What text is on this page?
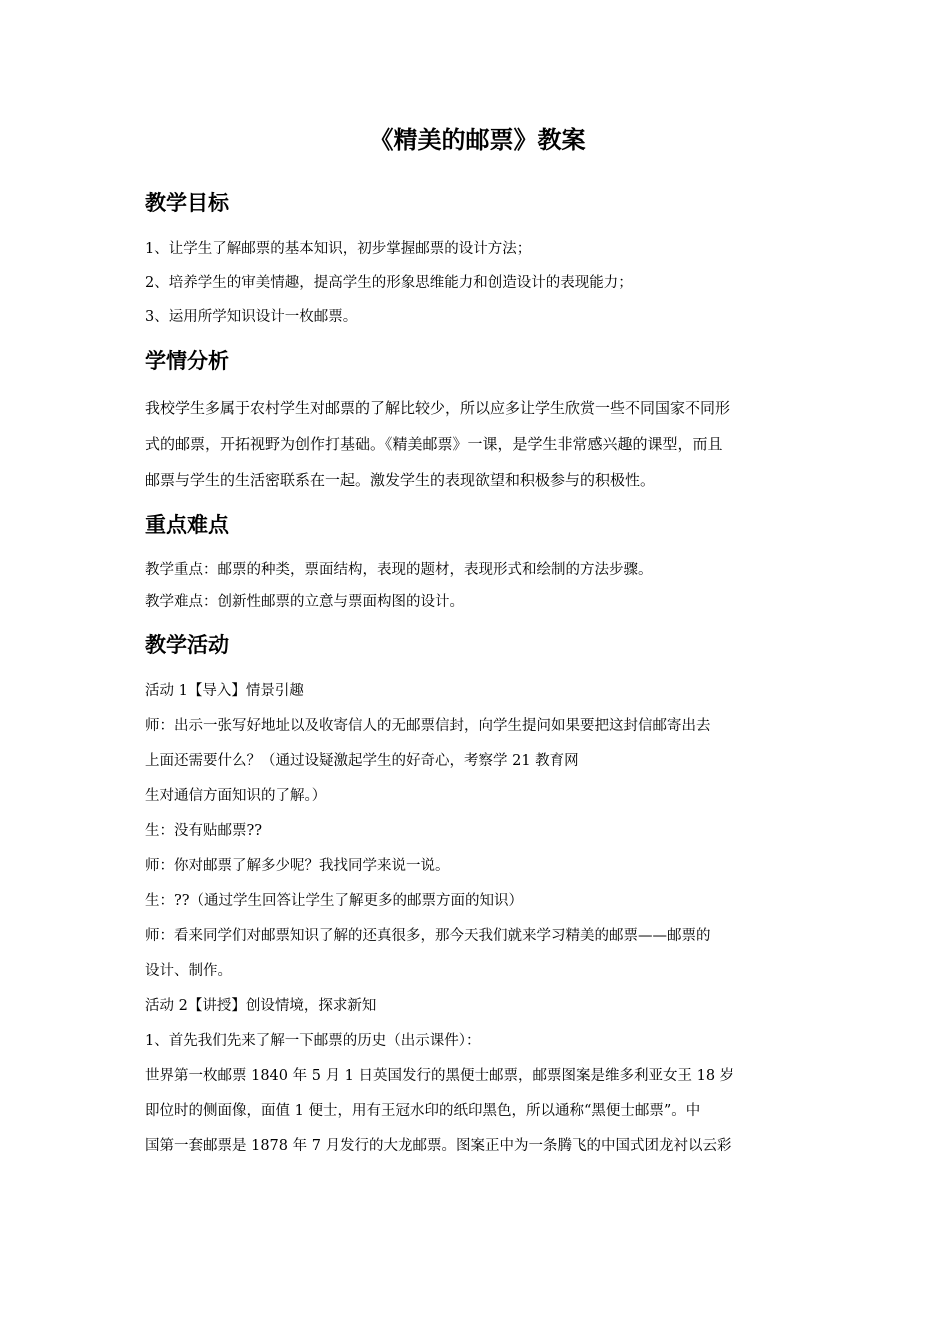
《精美的邮票》教案
教学目标

1、让学生了解邮票的基本知识，初步掌握邮票的设计方法；

2、培养学生的审美情趣，提高学生的形象思维能力和创造设计的表现能力；

3、运用所学知识设计一枚邮票。

学情分析

我校学生多属于农村学生对邮票的了解比较少，所以应多让学生欣赏一些不同国家不同形

式的邮票，开拓视野为创作打基础。《精美邮票》一课，是学生非常感兴趣的课型，而且

邮票与学生的生活密联系在一起。激发学生的表现欲望和积极参与的积极性。

重点难点

教学重点：邮票的种类，票面结构，表现的题材，表现形式和绘制的方法步骤。

教学难点：创新性邮票的立意与票面构图的设计。

教学活动

活动 1【导入】情景引趣

师：出示一张写好地址以及收寄信人的无邮票信封，向学生提问如果要把这封信邮寄出去

上面还需要什么？（通过设疑激起学生的好奇心，考察学 21 教育网

生对通信方面知识的了解。）

生：没有贴邮票??

师：你对邮票了解多少呢？我找同学来说一说。

生：??（通过学生回答让学生了解更多的邮票方面的知识）

师：看来同学们对邮票知识了解的还真很多，那今天我们就来学习精美的邮票——邮票的

设计、制作。

活动 2【讲授】创设情境，探求新知

1、首先我们先来了解一下邮票的历史（出示课件）：

世界第一枚邮票 1840 年 5 月 1 日英国发行的黑便士邮票，邮票图案是维多利亚女王 18 岁

即位时的侧面像，面值 1 便士，用有王冠水印的纸印黑色，所以通称“黑便士邮票”。中

国第一套邮票是 1878 年 7 月发行的大龙邮票。图案正中为一条腾飞的中国式团龙衬以云彩
